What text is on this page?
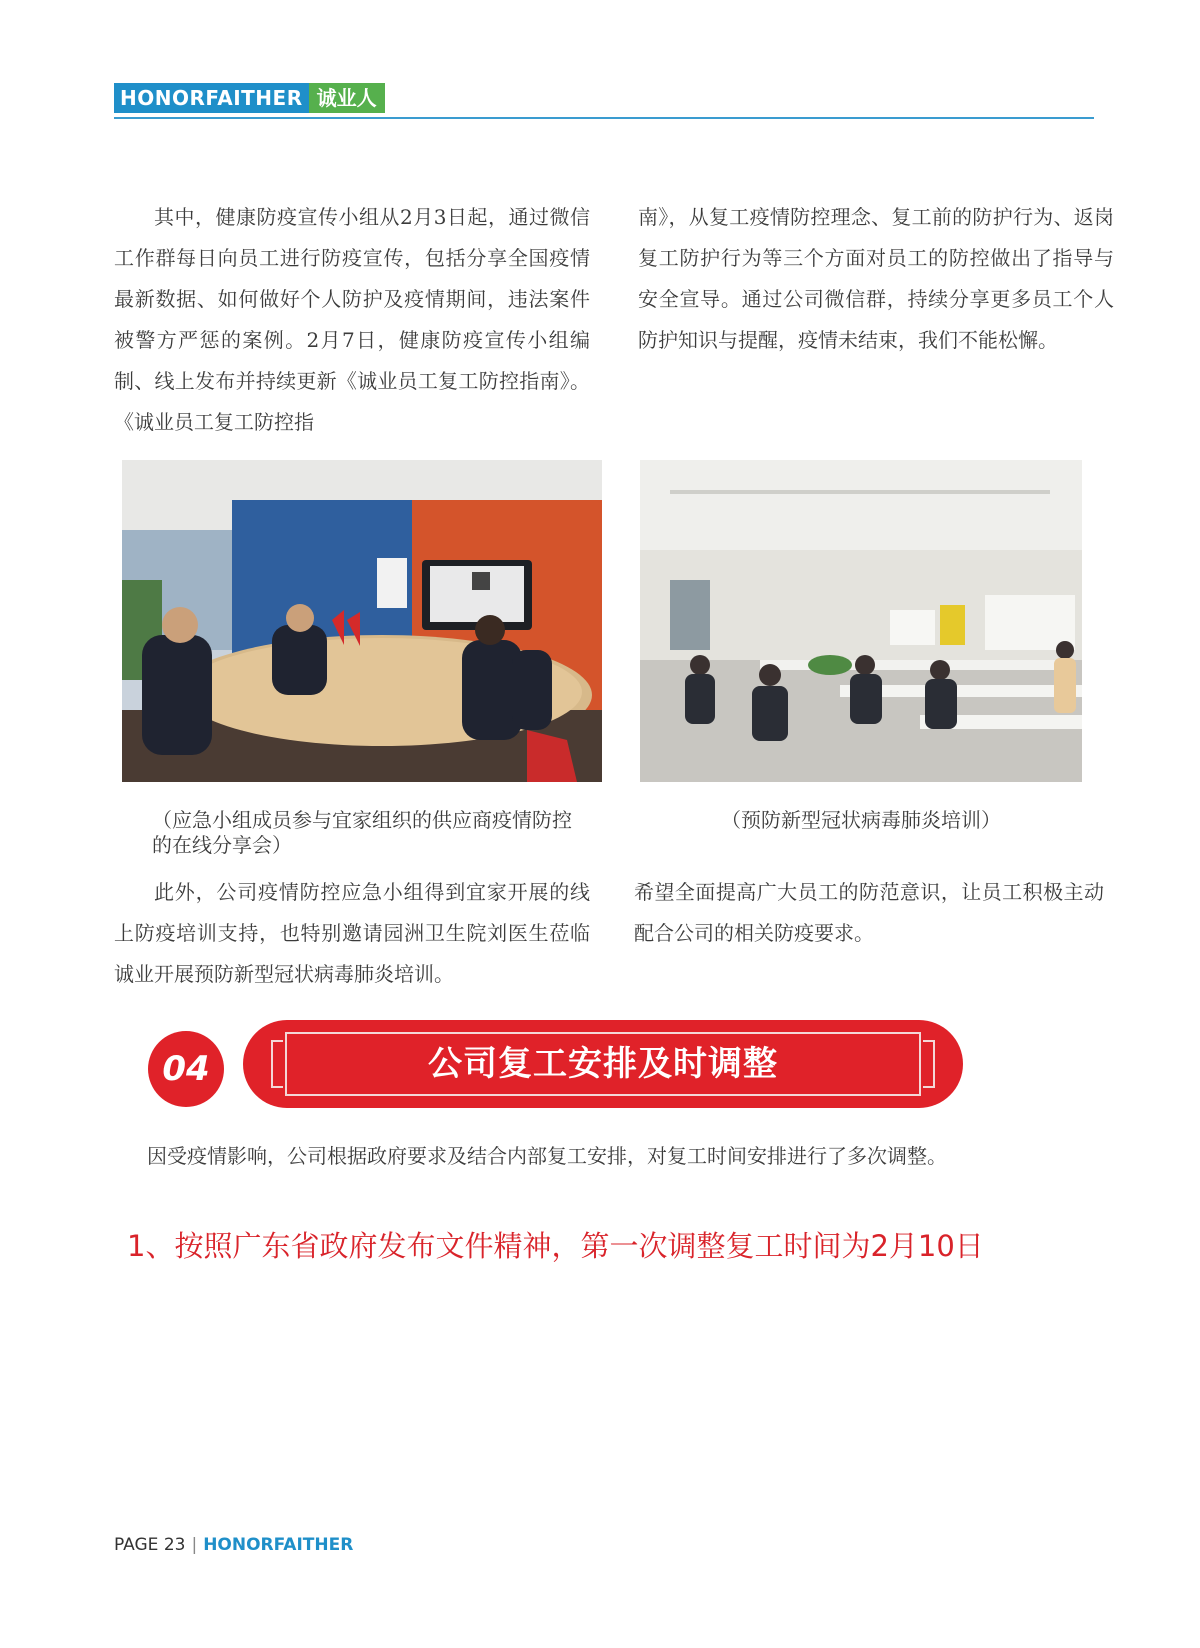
HONORFAITHER 诚业人

其中，健康防疫宣传小组从2月3日起，通过微信工作群每日向员工进行防疫宣传，包括分享全国疫情最新数据、如何做好个人防护及疫情期间，违法案件被警方严惩的案例。2月7日，健康防疫宣传小组编制、线上发布并持续更新《诚业员工复工防控指南》。《诚业员工复工防控指

南》，从复工疫情防控理念、复工前的防护行为、返岗复工防护行为等三个方面对员工的防控做出了指导与安全宣导。通过公司微信群，持续分享更多员工个人防护知识与提醒，疫情未结束，我们不能松懈。

（应急小组成员参与宜家组织的供应商疫情防控的在线分享会）
（预防新型冠状病毒肺炎培训）

此外，公司疫情防控应急小组得到宜家开展的线上防疫培训支持，也特别邀请园洲卫生院刘医生莅临诚业开展预防新型冠状病毒肺炎培训。

希望全面提高广大员工的防范意识，让员工积极主动配合公司的相关防疫要求。

04	公司复工安排及时调整
因受疫情影响，公司根据政府要求及结合内部复工安排，对复工时间安排进行了多次调整。
1、按照广东省政府发布文件精神，第一次调整复工时间为2月10日
PAGE 23 | HONORFAITHER
